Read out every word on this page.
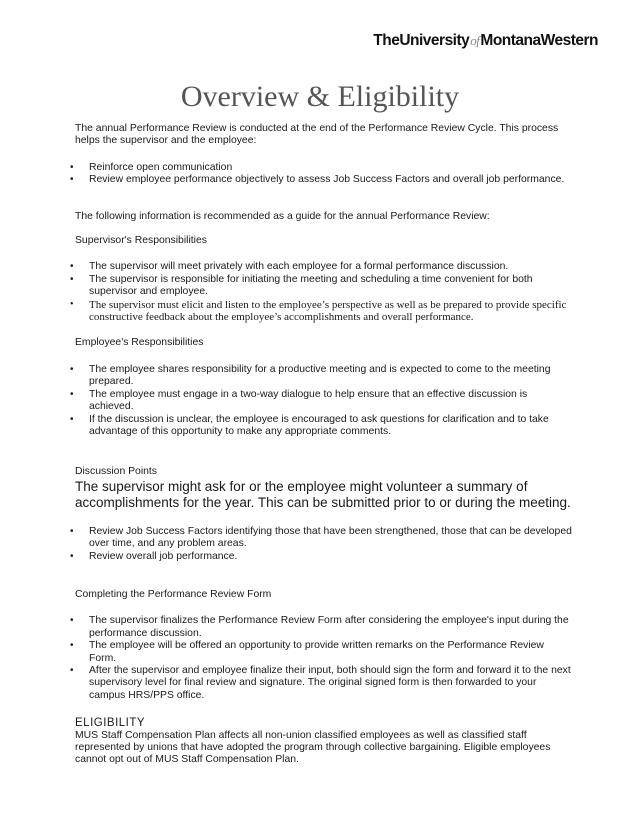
TheUniversityofMontanaWestern
Overview & Eligibility

The annual Performance Review is conducted at the end of the Performance Review Cycle. This process helps the supervisor and the employee:

• Reinforce open communication
• Review employee performance objectively to assess Job Success Factors and overall job performance.

The following information is recommended as a guide for the annual Performance Review:

Supervisor's Responsibilities

• The supervisor will meet privately with each employee for a formal performance discussion.
• The supervisor is responsible for initiating the meeting and scheduling a time convenient for both supervisor and employee.
• The supervisor must elicit and listen to the employee’s perspective as well as be prepared to provide specific constructive feedback about the employee’s accomplishments and overall performance.

Employee's Responsibilities

• The employee shares responsibility for a productive meeting and is expected to come to the meeting prepared.
• The employee must engage in a two-way dialogue to help ensure that an effective discussion is achieved.
• If the discussion is unclear, the employee is encouraged to ask questions for clarification and to take advantage of this opportunity to make any appropriate comments.

Discussion Points

The supervisor might ask for or the employee might volunteer a summary of accomplishments for the year. This can be submitted prior to or during the meeting.

• Review Job Success Factors identifying those that have been strengthened, those that can be developed over time, and any problem areas.
• Review overall job performance.

Completing the Performance Review Form

• The supervisor finalizes the Performance Review Form after considering the employee's input during the performance discussion.
• The employee will be offered an opportunity to provide written remarks on the Performance Review Form.
• After the supervisor and employee finalize their input, both should sign the form and forward it to the next supervisory level for final review and signature. The original signed form is then forwarded to your campus HRS/PPS office.

ELIGIBILITY

MUS Staff Compensation Plan affects all non-union classified employees as well as classified staff represented by unions that have adopted the program through collective bargaining. Eligible employees cannot opt out of MUS Staff Compensation Plan.
